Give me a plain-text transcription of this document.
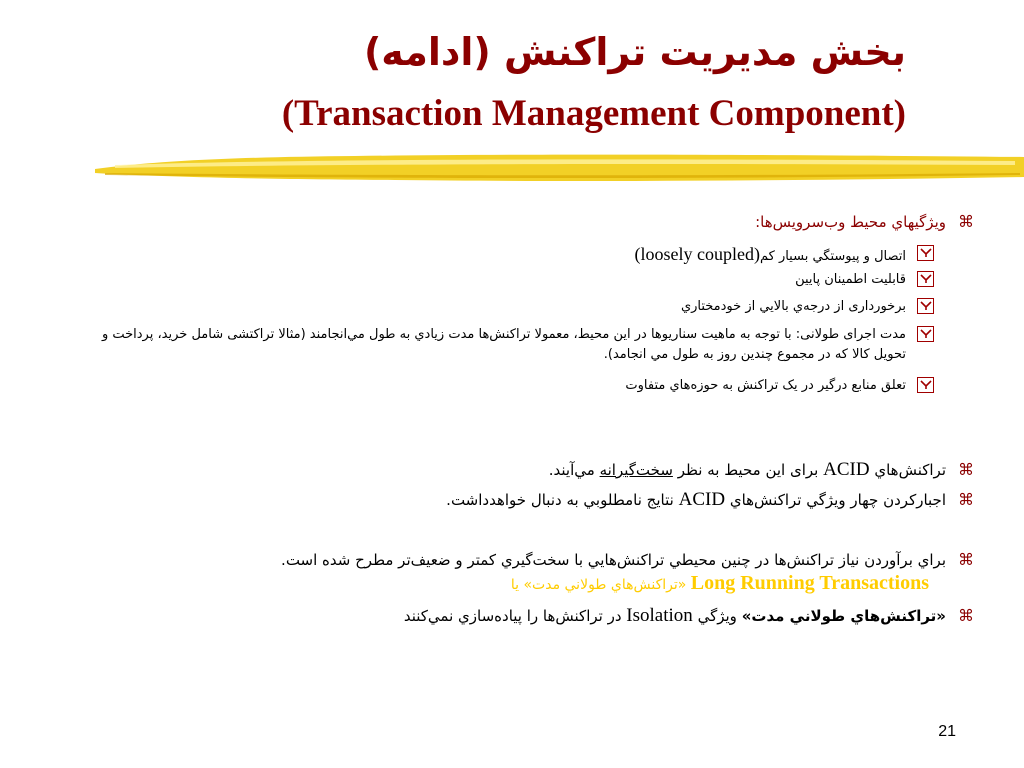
بخش مديريت تراكنش (ادامه)
(Transaction Management Component)
⌘
ويژگيهاي محيط وب‌سرويس‌ها:
اتصال و پيوستگي بسيار كم(loosely coupled)
قابليت اطمينان پايين
برخورداری از درجه‌ي بالايي از خودمختاري
مدت اجرای طولانی: با توجه به ماهيت سناريوها در اين محيط، معمولا تراكنش‌ها مدت زيادي به طول مي‌انجامند (مثالا تراكتشی شامل خريد، پرداخت و تحويل كالا كه در مجموع چندين روز به طول مي انجامد).
تعلق منابع درگير در يک تراكنش به حوزه‌هاي متفاوت
⌘
تراكنش‌هاي ACID برای اين محيط به نظر سخت‌گيرانه مي‌آيند.
⌘
اجباركردن چهار ويژگي تراكنش‌هاي ACID نتايج نامطلوبي به دنبال خواهدداشت.
⌘
براي برآوردن نياز تراكنش‌ها در چنين محيطي تراكنش‌هايي با سخت‌گيري كمتر و ضعيف‌تر مطرح شده است.
Long Running Transactions «تراكنش‌هاي طولاني مدت» يا
⌘
«تراكنش‌هاي طولاني مدت» ويژگي Isolation در تراكنش‌ها را پياده‌سازي نمي‌كنند
21
